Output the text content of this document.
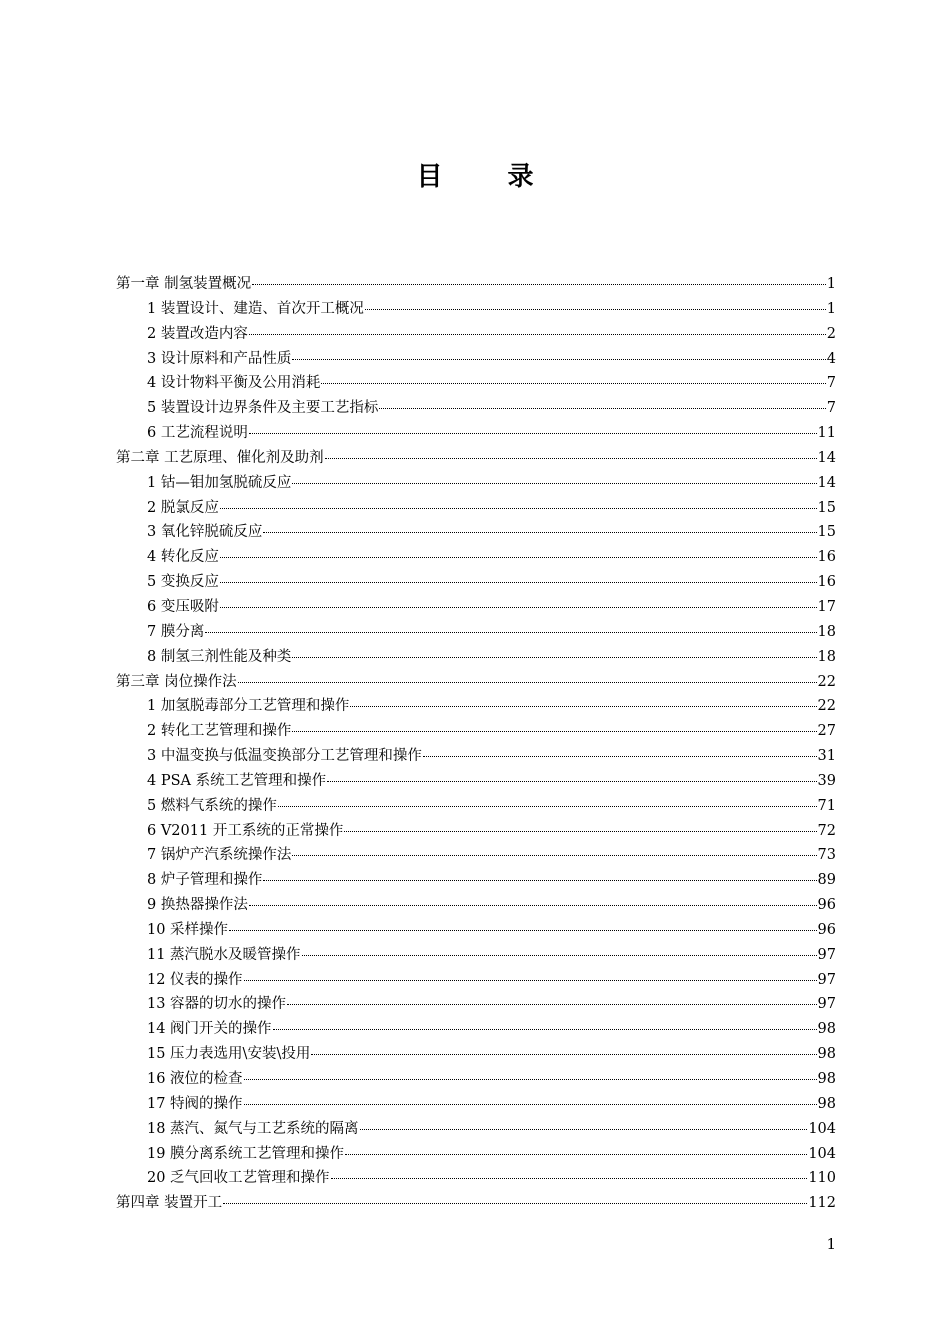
目 录
第一章 制氢装置概况	1
1 装置设计、建造、首次开工概况	1
2 装置改造内容	2
3 设计原料和产品性质	4
4 设计物料平衡及公用消耗	7
5 装置设计边界条件及主要工艺指标	7
6 工艺流程说明	11
第二章 工艺原理、催化剂及助剂	14
1 钴—钼加氢脱硫反应	14
2 脱氯反应	15
3 氧化锌脱硫反应	15
4 转化反应	16
5 变换反应	16
6 变压吸附	17
7 膜分离	18
8 制氢三剂性能及种类	18
第三章 岗位操作法	22
1 加氢脱毒部分工艺管理和操作	22
2 转化工艺管理和操作	27
3 中温变换与低温变换部分工艺管理和操作	31
4 PSA 系统工艺管理和操作	39
5 燃料气系统的操作	71
6 V2011 开工系统的正常操作	72
7 锅炉产汽系统操作法	73
8 炉子管理和操作	89
9 换热器操作法	96
10 采样操作	96
11 蒸汽脱水及暖管操作	97
12 仪表的操作	97
13 容器的切水的操作	97
14 阀门开关的操作	98
15 压力表选用\安装\投用	98
16 液位的检查	98
17 特阀的操作	98
18 蒸汽、氮气与工艺系统的隔离	104
19 膜分离系统工艺管理和操作	104
20 乏气回收工艺管理和操作	110
第四章 装置开工	112
1
